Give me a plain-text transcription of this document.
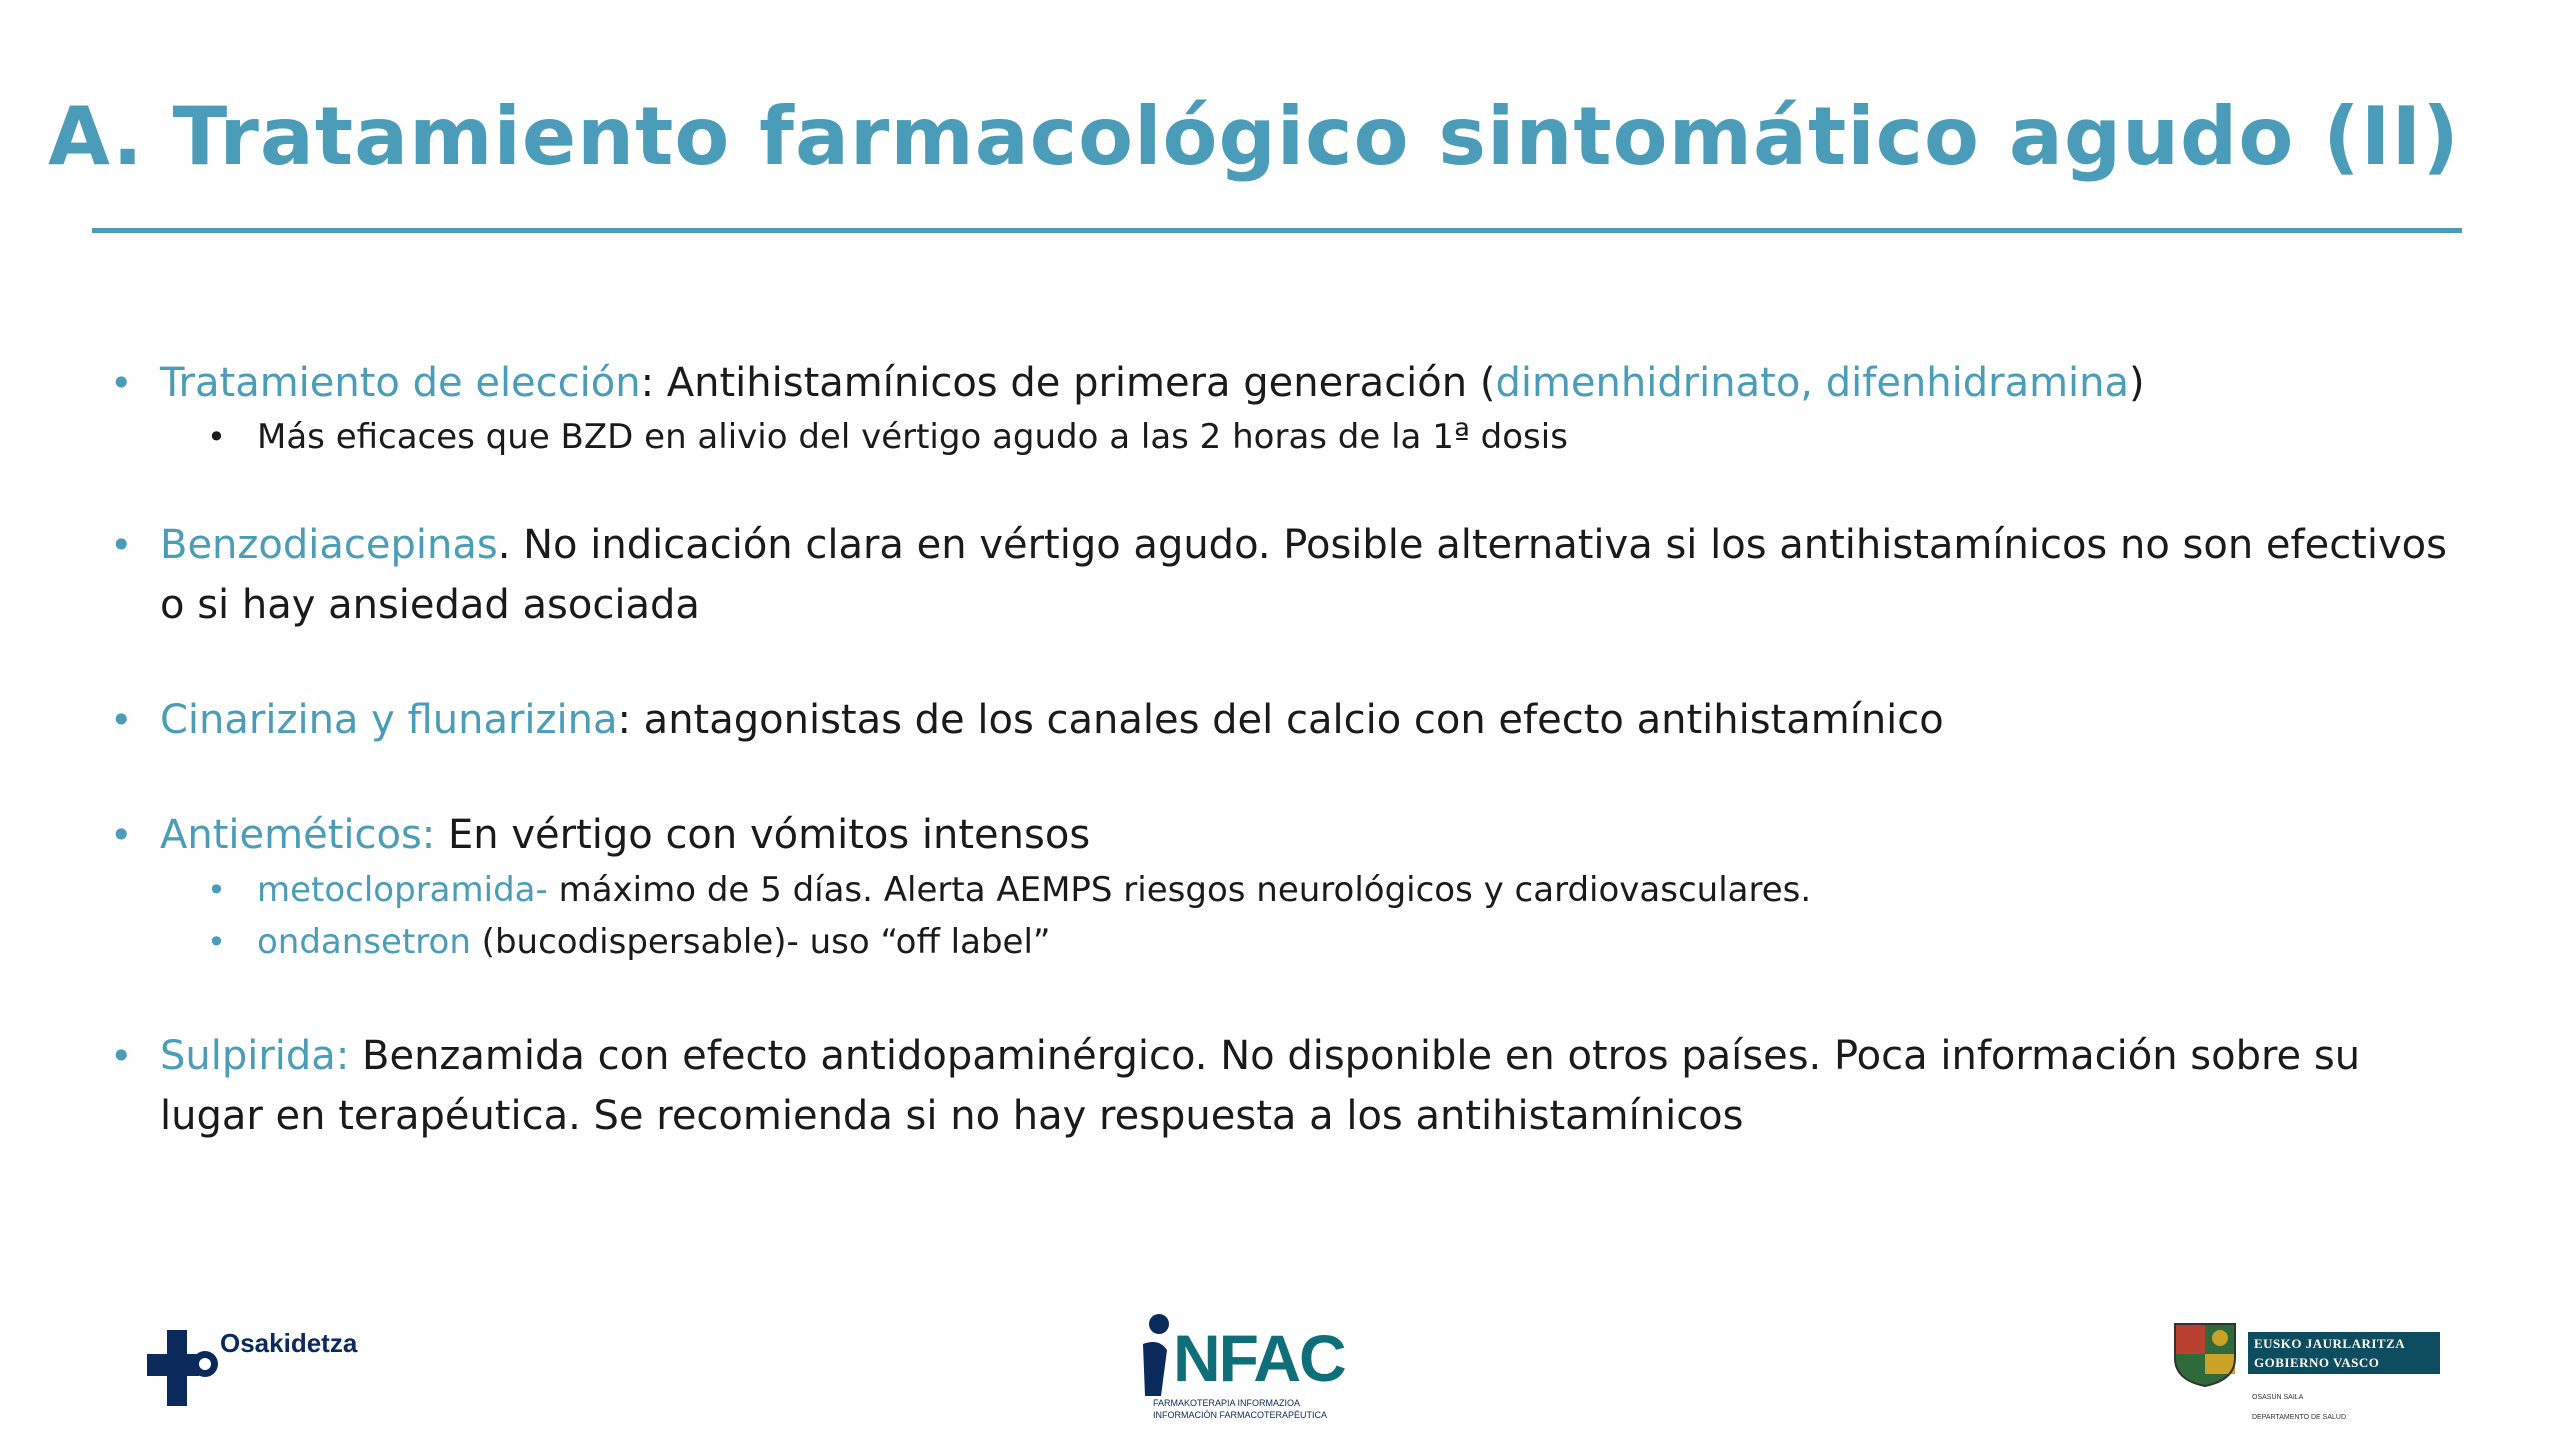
A. Tratamiento farmacológico sintomático agudo (II)
• Tratamiento de elección: Antihistamínicos de primera generación (dimenhidrinato, difenhidramina)
• Más eficaces que BZD en alivio del vértigo agudo a las 2 horas de la 1ª dosis
• Benzodiacepinas. No indicación clara en vértigo agudo. Posible alternativa si los antihistamínicos no son efectivos o si hay ansiedad asociada
• Cinarizina y flunarizina: antagonistas de los canales del calcio con efecto antihistamínico
• Antieméticos: En vértigo con vómitos intensos
• metoclopramida- máximo de 5 días. Alerta AEMPS riesgos neurológicos y cardiovasculares.
• ondansetron (bucodispersable)- uso “off label”
• Sulpirida: Benzamida con efecto antidopaminérgico. No disponible en otros países. Poca información sobre su lugar en terapéutica. Se recomienda si no hay respuesta a los antihistamínicos
Osakidetza	NFAC
FARMAKOTERAPIA INFORMAZIOA
INFORMACIÓN FARMACOTERAPÉUTICA
EUSKO JAURLARITZA
GOBIERNO VASCO
OSASUN SAILA
DEPARTAMENTO DE SALUD
